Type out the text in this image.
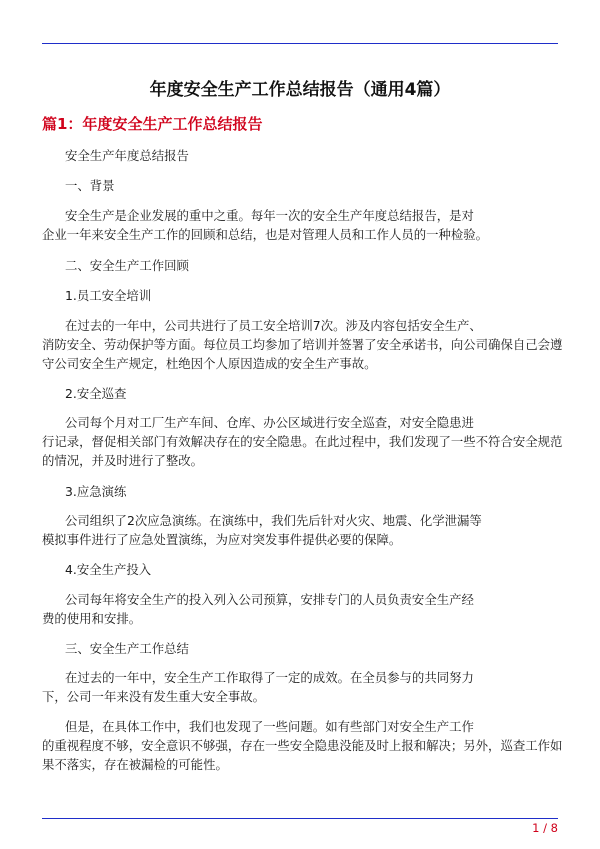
年度安全生产工作总结报告（通用4篇）
篇1：年度安全生产工作总结报告
安全生产年度总结报告
一、背景
安全生产是企业发展的重中之重。每年一次的安全生产年度总结报告，是对
企业一年来安全生产工作的回顾和总结，也是对管理人员和工作人员的一种检验。
二、安全生产工作回顾
1.员工安全培训
在过去的一年中，公司共进行了员工安全培训7次。涉及内容包括安全生产、
消防安全、劳动保护等方面。每位员工均参加了培训并签署了安全承诺书，向公司确保自己会遵
守公司安全生产规定，杜绝因个人原因造成的安全生产事故。
2.安全巡查
公司每个月对工厂生产车间、仓库、办公区域进行安全巡查，对安全隐患进
行记录，督促相关部门有效解决存在的安全隐患。在此过程中，我们发现了一些不符合安全规范
的情况，并及时进行了整改。
3.应急演练
公司组织了2次应急演练。在演练中，我们先后针对火灾、地震、化学泄漏等
模拟事件进行了应急处置演练，为应对突发事件提供必要的保障。
4.安全生产投入
公司每年将安全生产的投入列入公司预算，安排专门的人员负责安全生产经
费的使用和安排。
三、安全生产工作总结
在过去的一年中，安全生产工作取得了一定的成效。在全员参与的共同努力
下，公司一年来没有发生重大安全事故。
但是，在具体工作中，我们也发现了一些问题。如有些部门对安全生产工作
的重视程度不够，安全意识不够强，存在一些安全隐患没能及时上报和解决；另外，巡查工作如
果不落实，存在被漏检的可能性。
1 / 8
